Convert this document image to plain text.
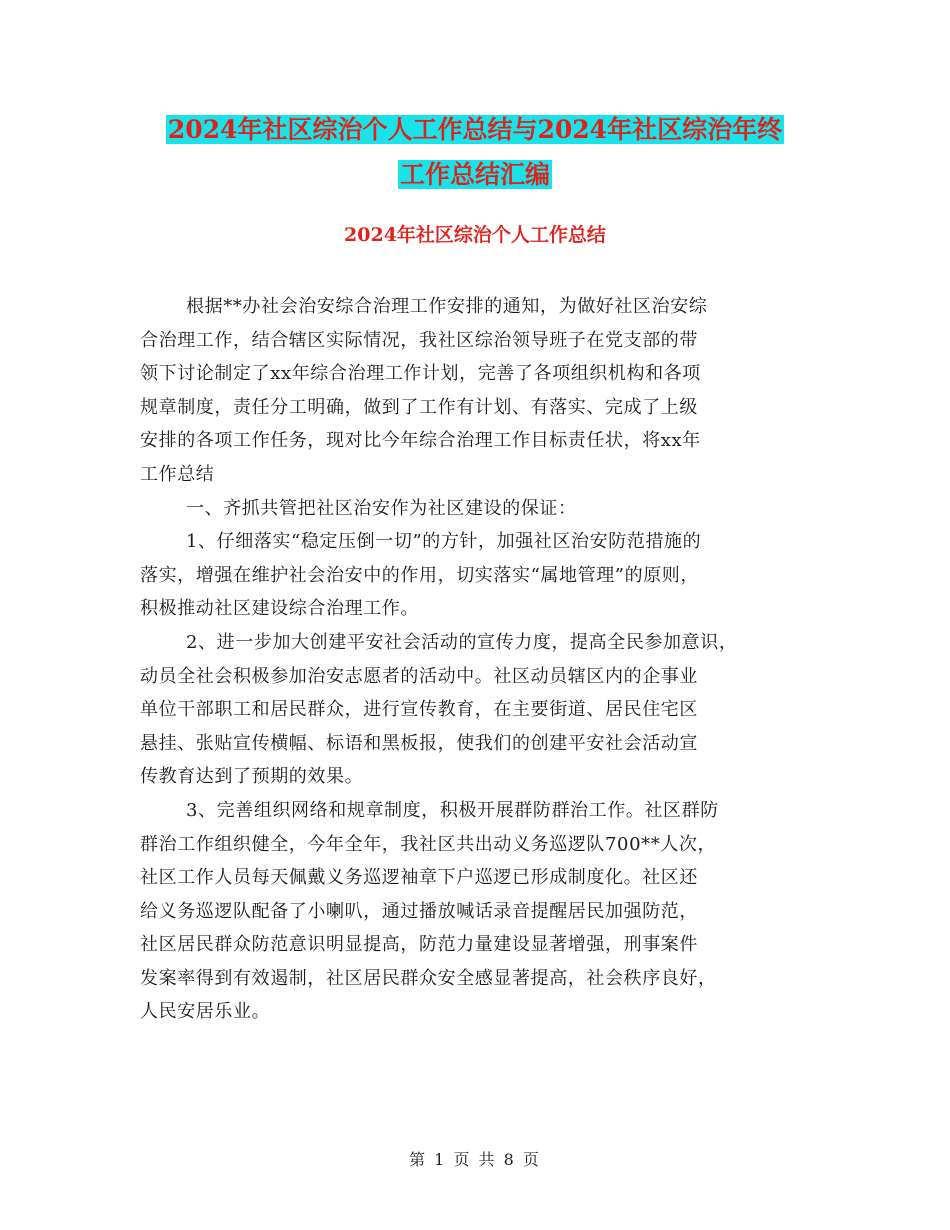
2024年社区综治个人工作总结与2024年社区综治年终
工作总结汇编
2024年社区综治个人工作总结
根据**办社会治安综合治理工作安排的通知，为做好社区治安综
合治理工作，结合辖区实际情况，我社区综治领导班子在党支部的带
领下讨论制定了xx年综合治理工作计划，完善了各项组织机构和各项
规章制度，责任分工明确，做到了工作有计划、有落实、完成了上级
安排的各项工作任务，现对比今年综合治理工作目标责任状，将xx年
工作总结
一、齐抓共管把社区治安作为社区建设的保证：
1、仔细落实“稳定压倒一切”的方针，加强社区治安防范措施的
落实，增强在维护社会治安中的作用，切实落实“属地管理”的原则，
积极推动社区建设综合治理工作。
2、进一步加大创建平安社会活动的宣传力度，提高全民参加意识，
动员全社会积极参加治安志愿者的活动中。社区动员辖区内的企事业
单位干部职工和居民群众，进行宣传教育，在主要街道、居民住宅区
悬挂、张贴宣传横幅、标语和黑板报，使我们的创建平安社会活动宣
传教育达到了预期的效果。
3、完善组织网络和规章制度，积极开展群防群治工作。社区群防
群治工作组织健全，今年全年，我社区共出动义务巡逻队700**人次，
社区工作人员每天佩戴义务巡逻袖章下户巡逻已形成制度化。社区还
给义务巡逻队配备了小喇叭，通过播放喊话录音提醒居民加强防范，
社区居民群众防范意识明显提高，防范力量建设显著增强，刑事案件
发案率得到有效遏制，社区居民群众安全感显著提高，社会秩序良好，
人民安居乐业。
第 1 页 共 8 页
